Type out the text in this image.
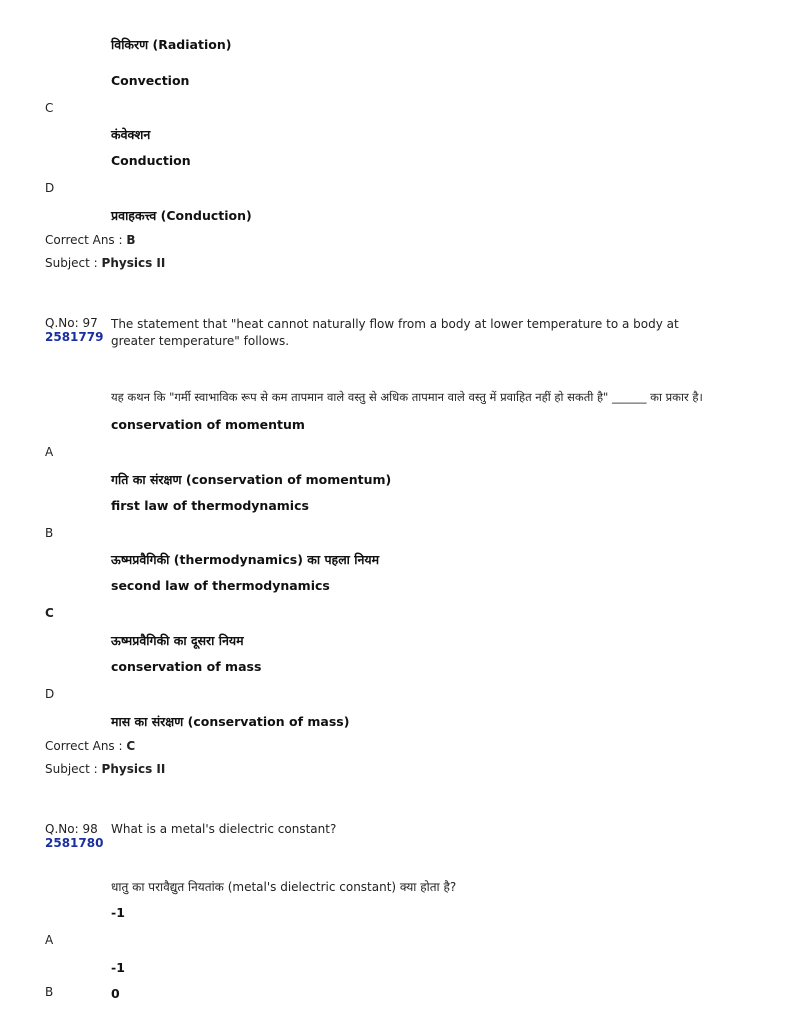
विकिरण (Radiation)
Convection
C
कंवेक्शन
Conduction
D
प्रवाहकत्त्व (Conduction)
Correct Ans : B
Subject : Physics II
Q.No: 97
2581779
The statement that "heat cannot naturally flow from a body at lower temperature to a body at greater temperature" follows.
यह कथन कि "गर्मी स्वाभाविक रूप से कम तापमान वाले वस्तु से अधिक तापमान वाले वस्तु में प्रवाहित नहीं हो सकती है" ______ का प्रकार है।
conservation of momentum
A
गति का संरक्षण (conservation of momentum)
first law of thermodynamics
B
ऊष्मप्रवैगिकी (thermodynamics) का पहला नियम
second law of thermodynamics
C
ऊष्मप्रवैगिकी का दूसरा नियम
conservation of mass
D
मास का संरक्षण (conservation of mass)
Correct Ans : C
Subject : Physics II
Q.No: 98
2581780
What is a metal's dielectric constant?
धातु का परावैद्युत नियतांक (metal's dielectric constant) क्या होता है?
-1
A
-1
B	0
